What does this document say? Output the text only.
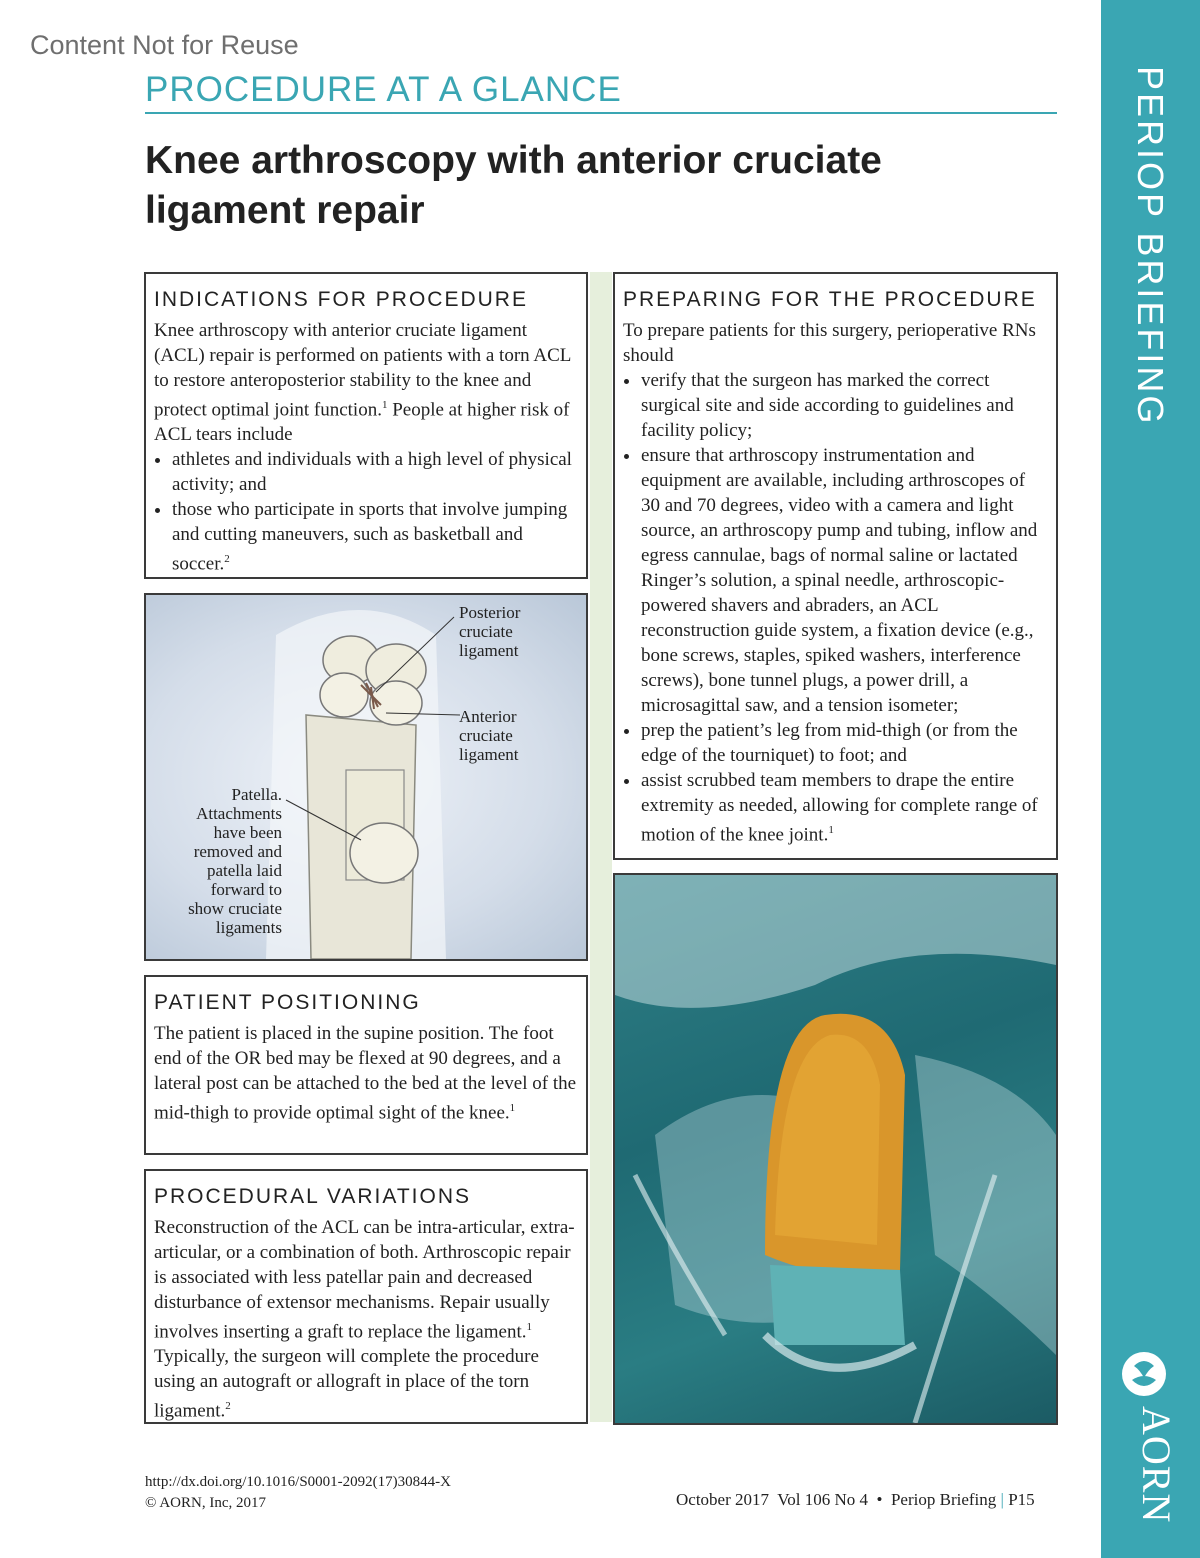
Content Not for Reuse
PROCEDURE AT A GLANCE
Knee arthroscopy with anterior cruciate ligament repair	PERIOP BRIEFING
AORN
INDICATIONS FOR PROCEDURE

Knee arthroscopy with anterior cruciate ligament (ACL) repair is performed on patients with a torn ACL to restore anteroposterior stability to the knee and protect optimal joint function.$^1$ People at higher risk of ACL tears include

• athletes and individuals with a high level of physical activity; and
• those who participate in sports that involve jumping and cutting maneuvers, such as basketball and soccer.$^2$
Posterior cruciate ligament
Anterior cruciate ligament
Patella. Attachments have been removed and patella laid forward to show cruciate ligaments
PATIENT POSITIONING

The patient is placed in the supine position. The foot end of the OR bed may be flexed at 90 degrees, and a lateral post can be attached to the bed at the level of the mid-thigh to provide optimal sight of the knee.$^1$

PROCEDURAL VARIATIONS

Reconstruction of the ACL can be intra-articular, extra-articular, or a combination of both. Arthroscopic repair is associated with less patellar pain and decreased disturbance of extensor mechanisms. Repair usually involves inserting a graft to replace the ligament.$^1$ Typically, the surgeon will complete the procedure using an autograft or allograft in place of the torn ligament.$^2$

PREPARING FOR THE PROCEDURE

To prepare patients for this surgery, perioperative RNs should

• verify that the surgeon has marked the correct surgical site and side according to guidelines and facility policy;
• ensure that arthroscopy instrumentation and equipment are available, including arthroscopes of 30 and 70 degrees, video with a camera and light source, an arthroscopy pump and tubing, inflow and egress cannulae, bags of normal saline or lactated Ringer’s solution, a spinal needle, arthroscopic-powered shavers and abraders, an ACL reconstruction guide system, a fixation device (e.g., bone screws, staples, spiked washers, interference screws), bone tunnel plugs, a power drill, a microsagittal saw, and a tension isometer;
• prep the patient’s leg from mid-thigh (or from the edge of the tourniquet) to foot; and
• assist scrubbed team members to drape the entire extremity as needed, allowing for complete range of motion of the knee joint.$^1$
http://dx.doi.org/10.1016/S0001-2092(17)30844-X
© AORN, Inc, 2017	October 2017  Vol 106 No 4  •  Periop Briefing | P15
